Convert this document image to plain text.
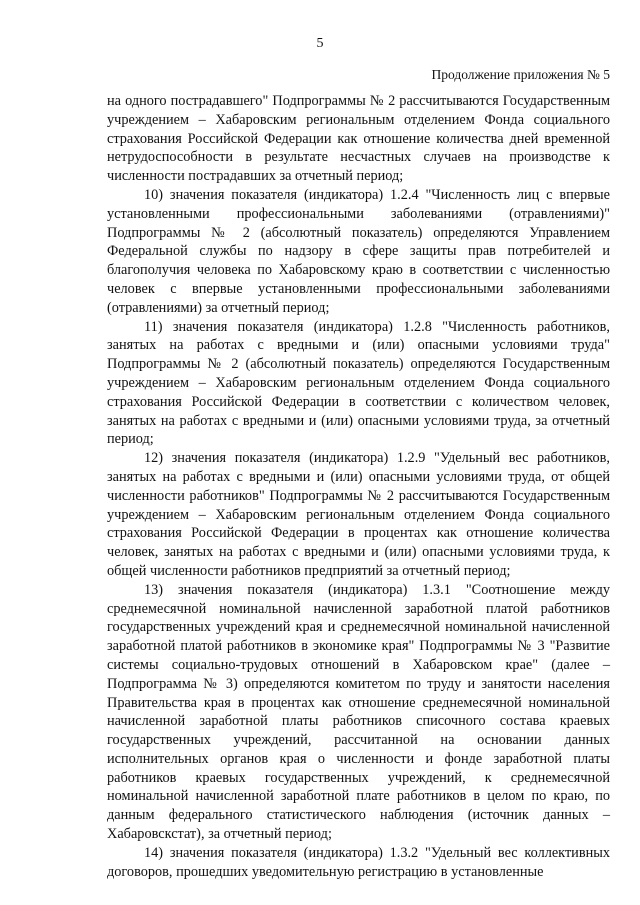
5
Продолжение приложения № 5

на одного пострадавшего" Подпрограммы № 2 рассчитываются Государственным учреждением – Хабаровским региональным отделением Фонда социального страхования Российской Федерации как отношение количества дней временной нетрудоспособности в результате несчастных случаев на производстве к численности пострадавших за отчетный период;

10) значения показателя (индикатора) 1.2.4 "Численность лиц с впервые установленными профессиональными заболеваниями (отравлениями)" Подпрограммы № 2 (абсолютный показатель) определяются Управлением Федеральной службы по надзору в сфере защиты прав потребителей и благополучия человека по Хабаровскому краю в соответствии с численностью человек с впервые установленными профессиональными заболеваниями (отравлениями) за отчетный период;

11) значения показателя (индикатора) 1.2.8 "Численность работников, занятых на работах с вредными и (или) опасными условиями труда" Подпрограммы № 2 (абсолютный показатель) определяются Государственным учреждением – Хабаровским региональным отделением Фонда социального страхования Российской Федерации в соответствии с количеством человек, занятых на работах с вредными и (или) опасными условиями труда, за отчетный период;

12) значения показателя (индикатора) 1.2.9 "Удельный вес работников, занятых на работах с вредными и (или) опасными условиями труда, от общей численности работников" Подпрограммы № 2 рассчитываются Государственным учреждением – Хабаровским региональным отделением Фонда социального страхования Российской Федерации в процентах как отношение количества человек, занятых на работах с вредными и (или) опасными условиями труда, к общей численности работников предприятий за отчетный период;

13) значения показателя (индикатора) 1.3.1 "Соотношение между среднемесячной номинальной начисленной заработной платой работников государственных учреждений края и среднемесячной номинальной начисленной заработной платой работников в экономике края" Подпрограммы № 3 "Развитие системы социально-трудовых отношений в Хабаровском крае" (далее – Подпрограмма № 3) определяются комитетом по труду и занятости населения Правительства края в процентах как отношение среднемесячной номинальной начисленной заработной платы работников списочного состава краевых государственных учреждений, рассчитанной на основании данных исполнительных органов края о численности и фонде заработной платы работников краевых государственных учреждений, к среднемесячной номинальной начисленной заработной плате работников в целом по краю, по данным федерального статистического наблюдения (источник данных – Хабаровскстат), за отчетный период;

14) значения показателя (индикатора) 1.3.2 "Удельный вес коллективных договоров, прошедших уведомительную регистрацию в установленные
